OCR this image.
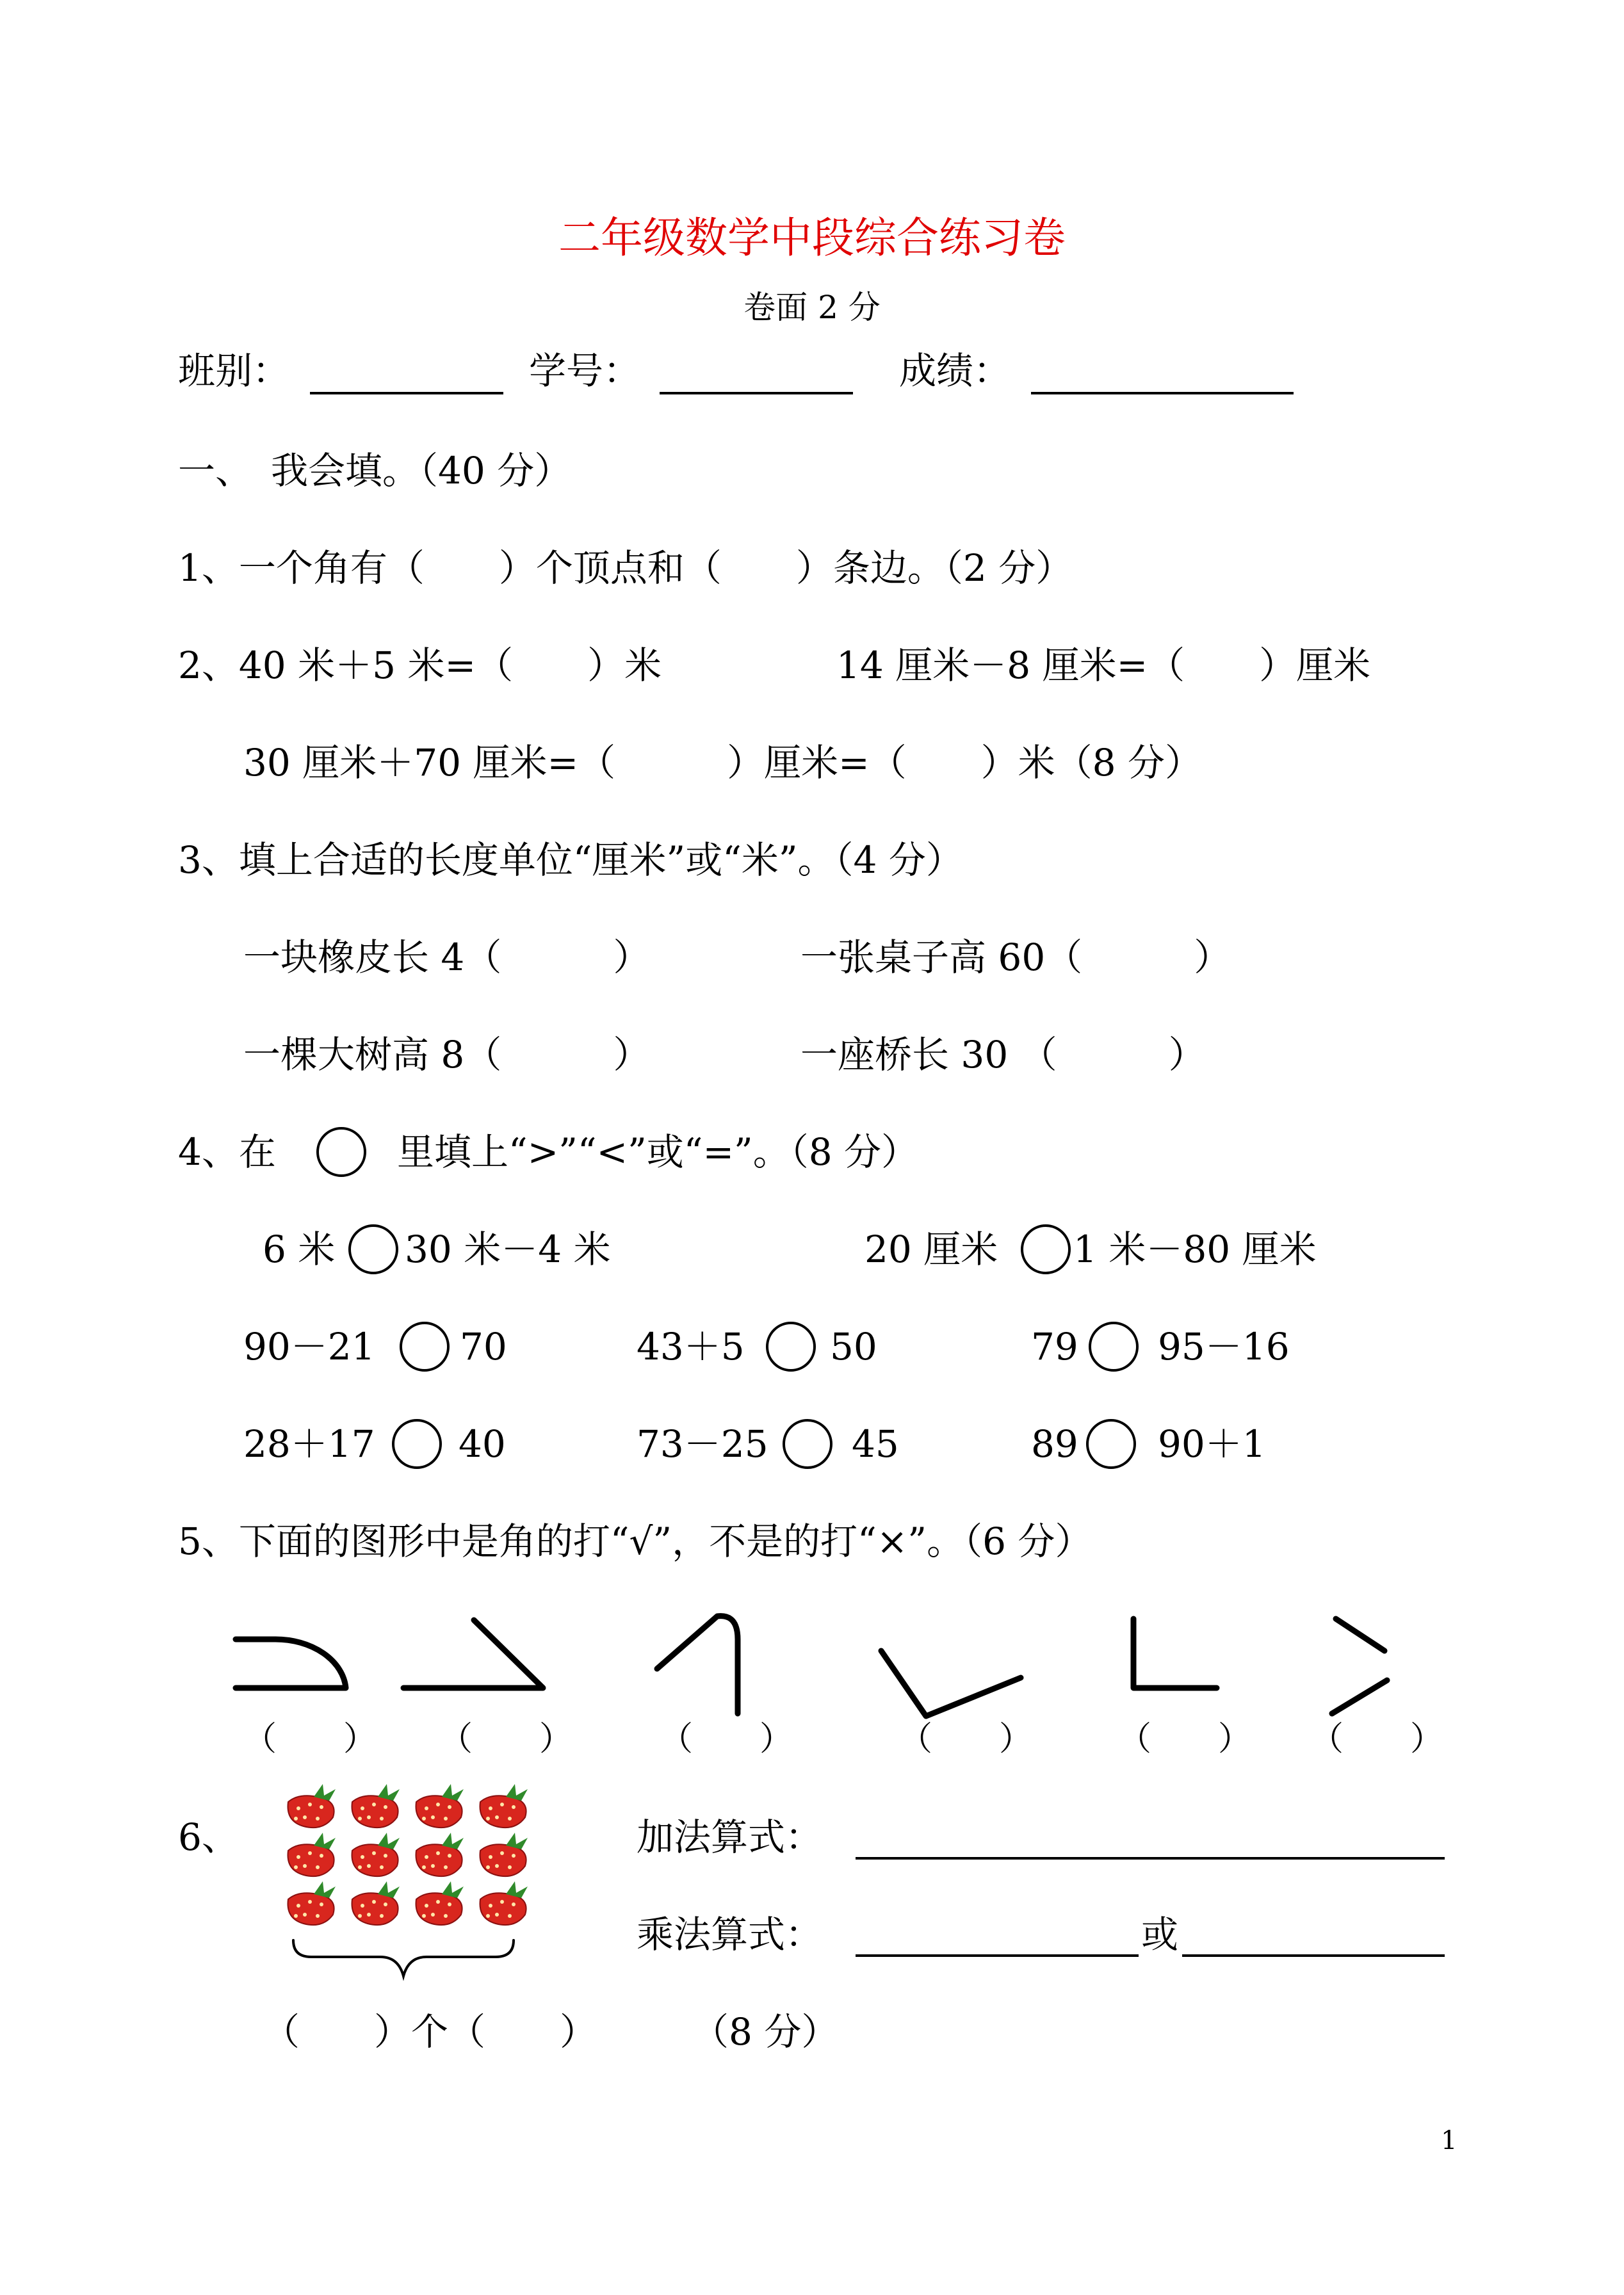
二年级数学中段综合练习卷
卷面 2 分
班别：	学号：	成绩：
一、　我会填。（40 分）
1、一个角有（　　）个顶点和（　　）条边。（2 分）
2、40 米＋5 米=（　　）米	14 厘米－8 厘米=（　　）厘米
30 厘米＋70 厘米=（　　　）厘米=（　　）米（8 分）
3、填上合适的长度单位“厘米”或“米”。（4 分）
一块橡皮长 4（　　　）	一张桌子高 60（　　　）
一棵大树高 8（　　　）	一座桥长 30 （　　　）
4、在	里填上“>”“<”或“=”。（8 分）
6 米 30 米－4 米	20 厘米 1 米－80 厘米
90－21 70	43＋5 50	79 95－16
28＋17 40	73－25 45	89 90＋1
5、下面的图形中是角的打“√”，不是的打“×”。（6 分）
（　　） （　　）	（　　）	（　　）	（　　） （　　）
6、	加法算式：
乘法算式：	或
（　　）个（　　）	（8 分）
1
